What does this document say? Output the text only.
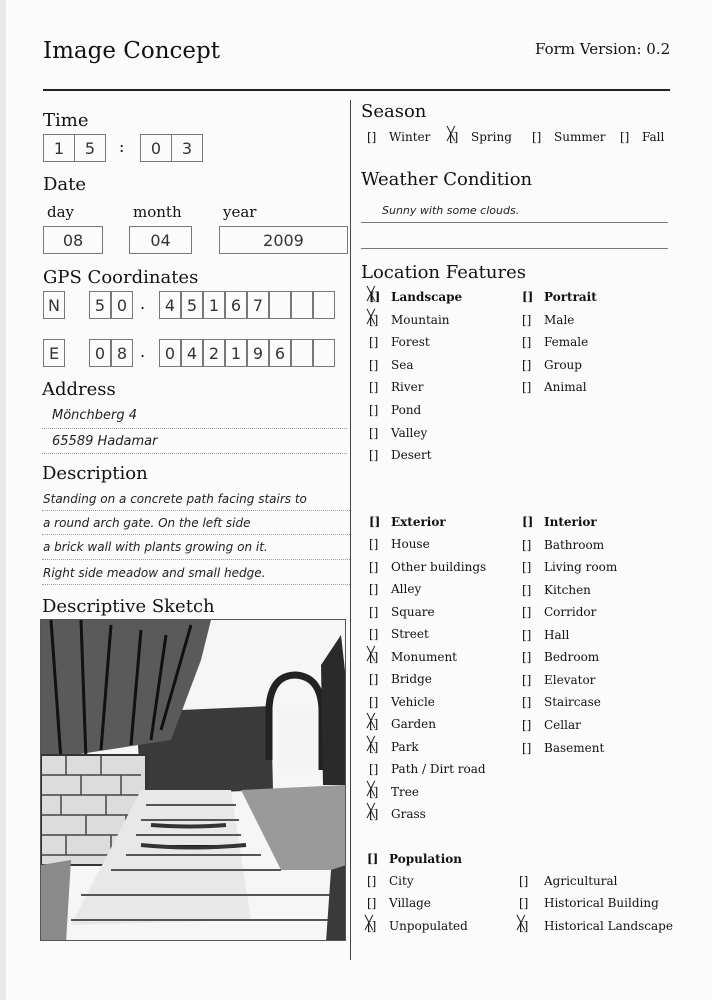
Image Concept	Form Version: 0.2
Time
1	5	:	0	3
Date
day	month	year
08	04	2009
GPS Coordinates
N	5 0 .	4 5 1 6 7
E	0 8 .	0 4 2 1 9 6
Address
Mönchberg 4
65589 Hadamar
Description
Standing on a concrete path facing stairs to
a round arch gate. On the left side
a brick wall with plants growing on it.
Right side meadow and small hedge.
Descriptive Sketch
Season
[] Winter [] ╳ Spring [] Summer [] Fall
Weather Condition
Sunny with some clouds.
Location Features
[] ╳ Landscape
[] ╳ Mountain
[] Forest
[] Sea
[] River
[] Pond
[] Valley
[] Desert
[] Portrait
[] Male
[] Female
[] Group
[] Animal
[] Exterior
[] House
[] Other buildings
[] Alley
[] Square
[] Street
[] ╳ Monument
[] Bridge
[] Vehicle
[] ╳ Garden
[] ╳ Park
[] Path / Dirt road
[] ╳ Tree
[] ╳ Grass
[] Interior
[] Bathroom
[] Living room
[] Kitchen
[] Corridor
[] Hall
[] Bedroom
[] Elevator
[] Staircase
[] Cellar
[] Basement
[] Population
[] City
[] Village
[] ╳ Unpopulated
[] Agricultural
[] Historical Building
[] ╳ Historical Landscape
